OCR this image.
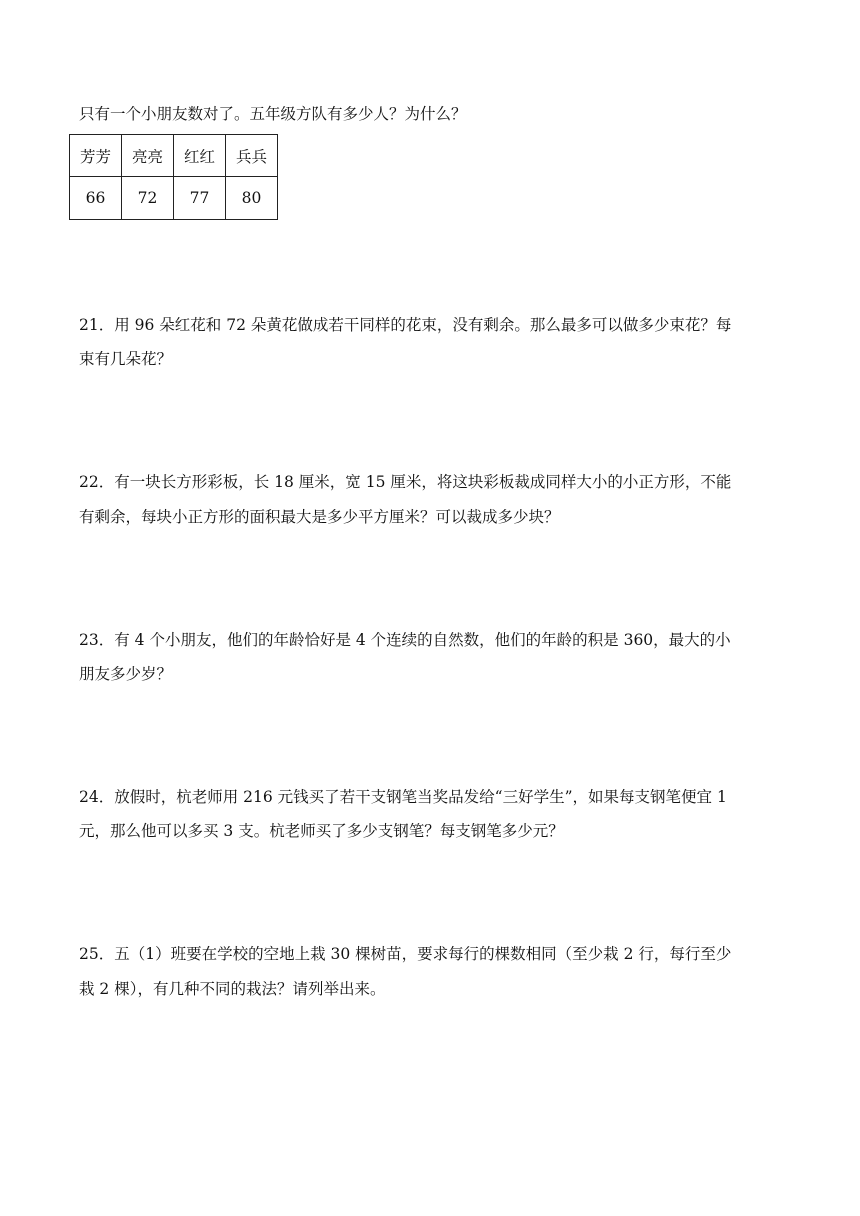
只有一个小朋友数对了。五年级方队有多少人？为什么？
芳芳	亮亮	红红	兵兵
66	72	77	80
21．用 96 朵红花和 72 朵黄花做成若干同样的花束，没有剩余。那么最多可以做多少束花？每
束有几朵花？
22．有一块长方形彩板，长 18 厘米，宽 15 厘米，将这块彩板裁成同样大小的小正方形，不能
有剩余，每块小正方形的面积最大是多少平方厘米？可以裁成多少块？
23．有 4 个小朋友，他们的年龄恰好是 4 个连续的自然数，他们的年龄的积是 360，最大的小
朋友多少岁？
24．放假时，杭老师用 216 元钱买了若干支钢笔当奖品发给“三好学生”，如果每支钢笔便宜 1
元，那么他可以多买 3 支。杭老师买了多少支钢笔？每支钢笔多少元？
25．五（1）班要在学校的空地上栽 30 棵树苗，要求每行的棵数相同（至少栽 2 行，每行至少
栽 2 棵），有几种不同的栽法？请列举出来。
